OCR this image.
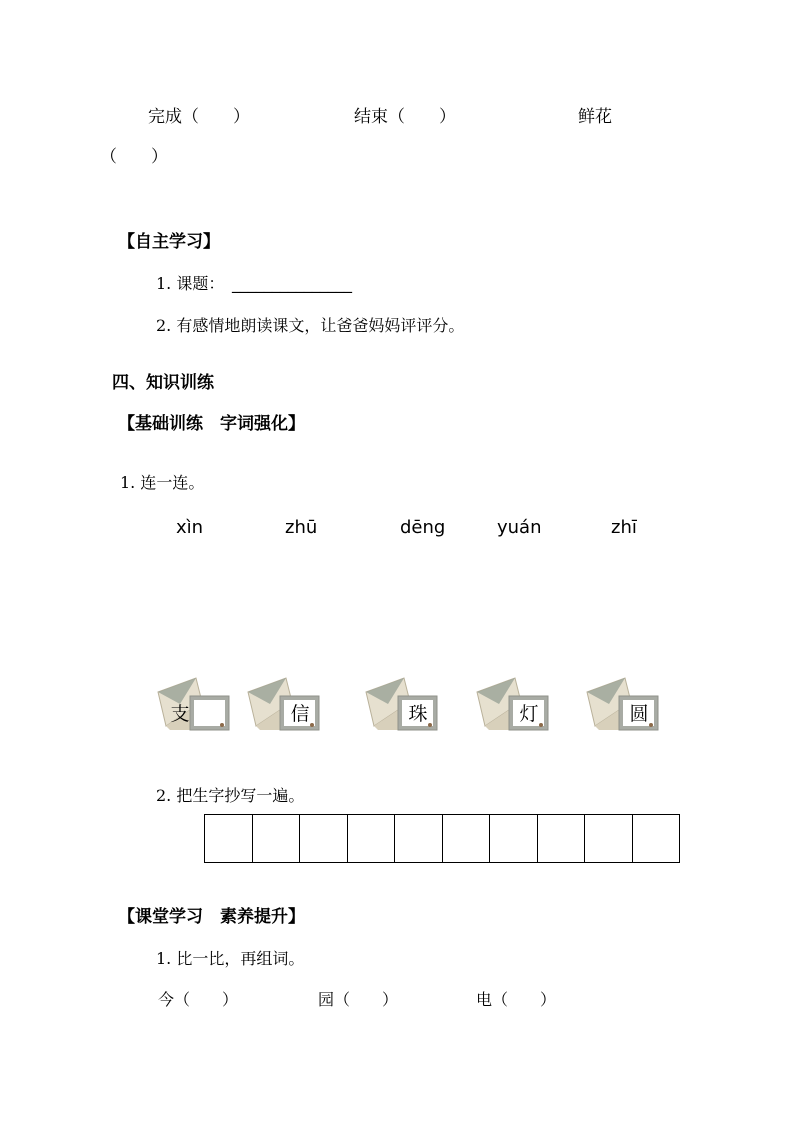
完成（　　）	结束（　　）	鲜花
（　　）
【自主学习】
1. 课题： _______________
2. 有感情地朗读课文，让爸爸妈妈评评分。
四、知识训练
【基础训练　字词强化】
1. 连一连。
xìn	zhū	dēng	yuán	zhī
支	信	珠	灯	圆
2. 把生字抄写一遍。
【课堂学习　素养提升】
1. 比一比，再组词。
今（　　）	园（　　）	电（　　）
